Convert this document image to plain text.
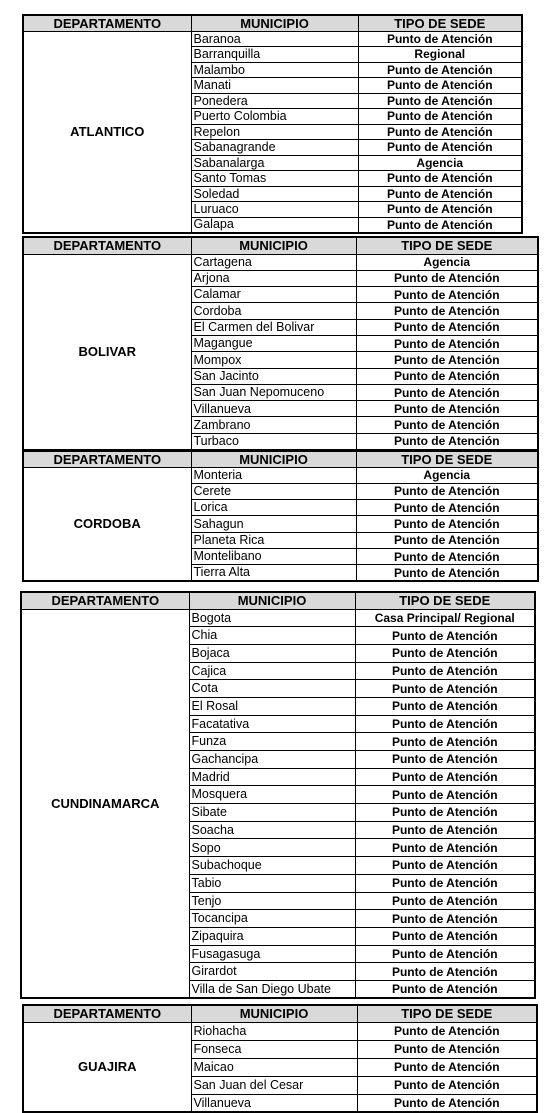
DEPARTAMENTO	MUNICIPIO	TIPO DE SEDE
ATLANTICO	Baranoa	Punto de Atención
	Barranquilla	Regional
	Malambo	Punto de Atención
	Manati	Punto de Atención
	Ponedera	Punto de Atención
	Puerto Colombia	Punto de Atención
	Repelon	Punto de Atención
	Sabanagrande	Punto de Atención
	Sabanalarga	Agencia
	Santo Tomas	Punto de Atención
	Soledad	Punto de Atención
	Luruaco	Punto de Atención
	Galapa	Punto de Atención
DEPARTAMENTO	MUNICIPIO	TIPO DE SEDE
BOLIVAR	Cartagena	Agencia
	Arjona	Punto de Atención
	Calamar	Punto de Atención
	Cordoba	Punto de Atención
	El Carmen del Bolivar	Punto de Atención
	Magangue	Punto de Atención
	Mompox	Punto de Atención
	San Jacinto	Punto de Atención
	San Juan Nepomuceno	Punto de Atención
	Villanueva	Punto de Atención
	Zambrano	Punto de Atención
	Turbaco	Punto de Atención
DEPARTAMENTO	MUNICIPIO	TIPO DE SEDE
CORDOBA	Monteria	Agencia
	Cerete	Punto de Atención
	Lorica	Punto de Atención
	Sahagun	Punto de Atención
	Planeta Rica	Punto de Atención
	Montelibano	Punto de Atención
	Tierra Alta	Punto de Atención
DEPARTAMENTO	MUNICIPIO	TIPO DE SEDE
CUNDINAMARCA	Bogota	Casa Principal/ Regional
	Chia	Punto de Atención
	Bojaca	Punto de Atención
	Cajica	Punto de Atención
	Cota	Punto de Atención
	El Rosal	Punto de Atención
	Facatativa	Punto de Atención
	Funza	Punto de Atención
	Gachancipa	Punto de Atención
	Madrid	Punto de Atención
	Mosquera	Punto de Atención
	Sibate	Punto de Atención
	Soacha	Punto de Atención
	Sopo	Punto de Atención
	Subachoque	Punto de Atención
	Tabio	Punto de Atención
	Tenjo	Punto de Atención
	Tocancipa	Punto de Atención
	Zipaquira	Punto de Atención
	Fusagasuga	Punto de Atención
	Girardot	Punto de Atención
	Villa de San Diego Ubate	Punto de Atención
DEPARTAMENTO	MUNICIPIO	TIPO DE SEDE
GUAJIRA	Riohacha	Punto de Atención
	Fonseca	Punto de Atención
	Maicao	Punto de Atención
	San Juan del Cesar	Punto de Atención
	Villanueva	Punto de Atención
